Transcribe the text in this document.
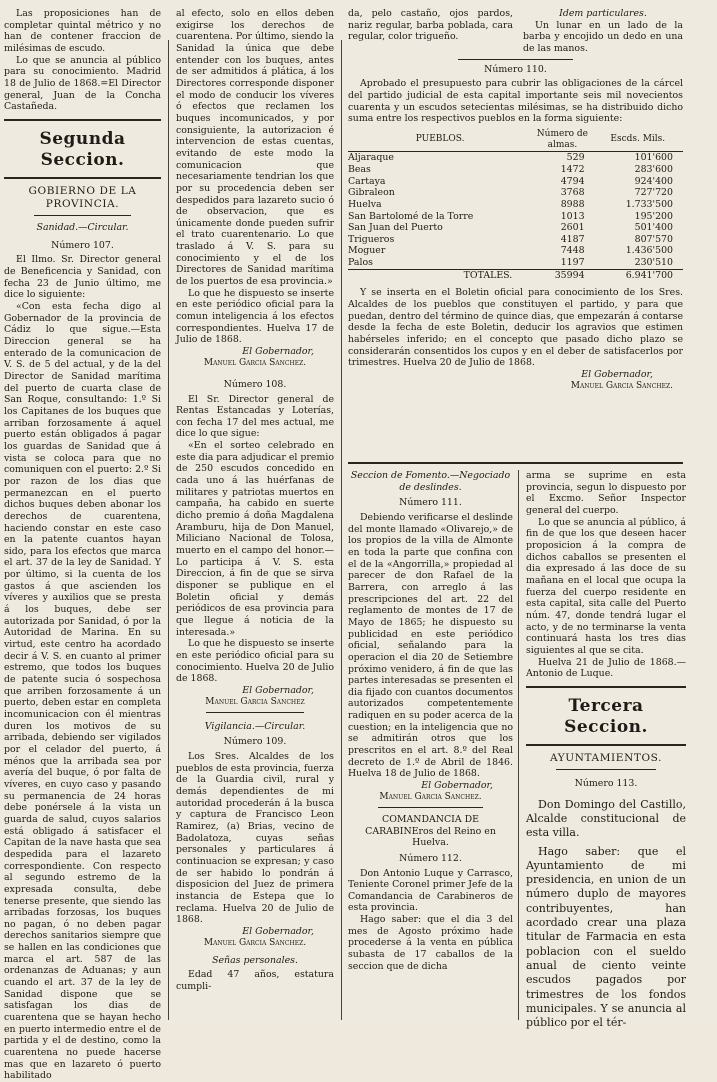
Las proposiciones han de completar quintal métrico y no han de contener fraccion de milésimas de escudo.

Lo que se anuncia al público para su conocimiento. Madrid 18 de Julio de 1868.=El Director general, Juan de la Concha Castañeda.

Segunda Seccion.
GOBIERNO DE LA PROVINCIA.

Sanidad.—Circular.

Número 107.

El Ilmo. Sr. Director general de Beneficencia y Sanidad, con fecha 23 de Junio último, me dice lo siguiente:

«Con esta fecha digo al Gobernador de la provincia de Cádiz lo que sigue.—Esta Direccion general se ha enterado de la comunicacion de V. S. de 5 del actual, y de la del Director de Sanidad marítima del puerto de cuarta clase de San Roque, consultando: 1.º Si los Capitanes de los buques que arriban forzosamente á aquel puerto están obligados á pagar los guardas de Sanidad que á vista se coloca para que no comuniquen con el puerto: 2.º Si por razon de los dias que permanezcan en el puerto dichos buques deben abonar los derechos de cuarentena, haciendo constar en este caso en la patente cuantos hayan sido, para los efectos que marca el art. 37 de la ley de Sanidad. Y por último, si la cuenta de los gastos á que ascienden los víveres y auxilios que se presta á los buques, debe ser autorizada por Sanidad, ó por la Autoridad de Marina. En su virtud, este centro ha acordado decir á V. S. en cuanto al primer estremo, que todos los buques de patente sucia ó sospechosa que arriben forzosamente á un puerto, deben estar en completa incomunicacion con él mientras duren los motivos de su arribada, debiendo ser vigilados por el celador del puerto, á ménos que la arribada sea por avería del buque, ó por falta de víveres, en cuyo caso y pasando su permanencia de 24 horas debe ponérsele á la vista un guarda de salud, cuyos salarios está obligado á satisfacer el Capitan de la nave hasta que sea despedida para el lazareto correspondiente. Con respecto al segundo estremo de la expresada consulta, debe tenerse presente, que siendo las arribadas forzosas, los buques no pagan, ó no deben pagar derechos sanitarios siempre que se hallen en las condiciones que marca el art. 587 de las ordenanzas de Aduanas; y aun cuando el art. 37 de la ley de Sanidad dispone que se satisfagan los dias de cuarentena que se hayan hecho en puerto intermedio entre el de partida y el de destino, como la cuarentena no puede hacerse mas que en lazareto ó puerto habilitado

al efecto, solo en ellos deben exigirse los derechos de cuarentena. Por último, siendo la Sanidad la única que debe entender con los buques, antes de ser admitidos á plática, á los Directores corresponde disponer el modo de conducir los víveres ó efectos que reclamen los buques incomunicados, y por consiguiente, la autorizacion é intervencion de estas cuentas, evitando de este modo la comunicacion que necesariamente tendrian los que por su procedencia deben ser despedidos para lazareto sucio ó de observacion, que es únicamente donde pueden sufrir el trato cuarentenario. Lo que traslado á V. S. para su conocimiento y el de los Directores de Sanidad marítima de los puertos de esa provincia.»

Lo que he dispuesto se inserte en este periódico oficial para la comun inteligencia á los efectos correspondientes. Huelva 17 de Julio de 1868.

El Gobernador,

Manuel Garcia Sanchez.

Número 108.

El Sr. Director general de Rentas Estancadas y Loterías, con fecha 17 del mes actual, me dice lo que sigue:

«En el sorteo celebrado en este dia para adjudicar el premio de 250 escudos concedido en cada uno á las huérfanas de militares y patriotas muertos en campaña, ha cabido en suerte dicho premio á doña Magdalena Aramburu, hija de Don Manuel, Miliciano Nacional de Tolosa, muerto en el campo del honor.—Lo participa á V. S. esta Direccion, á fin de que se sirva disponer se publique en el Boletin oficial y demás periódicos de esa provincia para que llegue á noticia de la interesada.»

Lo que he dispuesto se inserte en este periódico oficial para su conocimiento. Huelva 20 de Julio de 1868.

El Gobernador,

Manuel Garcia Sanchez

Vigilancia.—Circular.

Número 109.

Los Sres. Alcaldes de los pueblos de esta provincia, fuerza de la Guardia civil, rural y demás dependientes de mi autoridad procederán á la busca y captura de Francisco Leon Ramirez, (a) Brias, vecino de Badolatoza, cuyas señas personales y particulares á continuacion se expresan; y caso de ser habido lo pondrán á disposicion del Juez de primera instancia de Estepa que lo reclama. Huelva 20 de Julio de 1868.

El Gobernador,

Manuel Garcia Sanchez.

Señas personales.

Edad 47 años, estatura cumpli-

da, pelo castaño, ojos pardos, nariz regular, barba poblada, cara regular, color trigueño.

Idem particulares.

Un lunar en un lado de la barba y encojido un dedo en una de las manos.

Número 110.

Aprobado el presupuesto para cubrir las obligaciones de la cárcel del partido judicial de esta capital importante seis mil novecientos cuarenta y un escudos setecientas milésimas, se ha distribuido dicho suma entre los respectivos pueblos en la forma siguiente:

PUEBLOS.	Número de almas.	Escds. Mils.
Aljaraque	529	101'600
Beas	1472	283'600
Cartaya	4794	924'400
Gibraleon	3768	727'720
Huelva	8988	1.733'500
San Bartolomé de la Torre	1013	195'200
San Juan del Puerto	2601	501'400
Trigueros	4187	807'570
Moguer	7448	1.436'500
Palos	1197	230'510
TOTALES.	35994	6.941'700

Y se inserta en el Boletin oficial para conocimiento de los Sres. Alcaldes de los pueblos que constituyen el partido, y para que puedan, dentro del término de quince dias, que empezarán á contarse desde la fecha de este Boletin, deducir los agravios que estimen habérseles inferido; en el concepto que pasado dicho plazo se considerarán consentidos los cupos y en el deber de satisfacerlos por trimestres. Huelva 20 de Julio de 1868.

El Gobernador,

Manuel Garcia Sanchez.

Seccion de Fomento.—Negociado de deslindes.

Número 111.

Debiendo verificarse el deslinde del monte llamado «Olivarejo,» de los propios de la villa de Almonte en toda la parte que confina con el de la «Angorrilla,» propiedad al parecer de don Rafael de la Barrera, con arreglo á las prescripciones del art. 22 del reglamento de montes de 17 de Mayo de 1865; he dispuesto su publicidad en este periódico oficial, señalando para la operacion el dia 20 de Setiembre próximo venidero, á fin de que las partes interesadas se presenten el dia fijado con cuantos documentos autorizados competentemente radiquen en su poder acerca de la cuestion; en la inteligencia que no se admitirán otros que los prescritos en el art. 8.º del Real decreto de 1.º de Abril de 1846. Huelva 18 de Julio de 1868.

El Gobernador,

Manuel Garcia Sanchez.

COMANDANCIA DE CARABINEros del Reino en Huelva.

Número 112.

Don Antonio Luque y Carrasco, Teniente Coronel primer Jefe de la Comandancia de Carabineros de esta provincia.

Hago saber: que el dia 3 del mes de Agosto próximo hade procederse á la venta en pública subasta de 17 caballos de la seccion que de dicha

arma se suprime en esta provincia, segun lo dispuesto por el Excmo. Señor Inspector general del cuerpo.

Lo que se anuncia al público, á fin de que los que deseen hacer proposicion á la compra de dichos caballos se presenten el dia expresado á las doce de su mañana en el local que ocupa la fuerza del cuerpo residente en esta capital, sita calle del Puerto núm. 47, donde tendrá lugar el acto, y de no terminarse la venta continuará hasta los tres dias siguientes al que se cita.

Huelva 21 de Julio de 1868.—Antonio de Luque.

Tercera Seccion.
AYUNTAMIENTOS.

Número 113.

Don Domingo del Castillo, Alcalde constitucional de esta villa.

Hago saber: que el Ayuntamiento de mi presidencia, en union de un número duplo de mayores contribuyentes, han acordado crear una plaza titular de Farmacia en esta poblacion con el sueldo anual de ciento veinte escudos pagados por trimestres de los fondos municipales. Y se anuncia al público por el tér-
